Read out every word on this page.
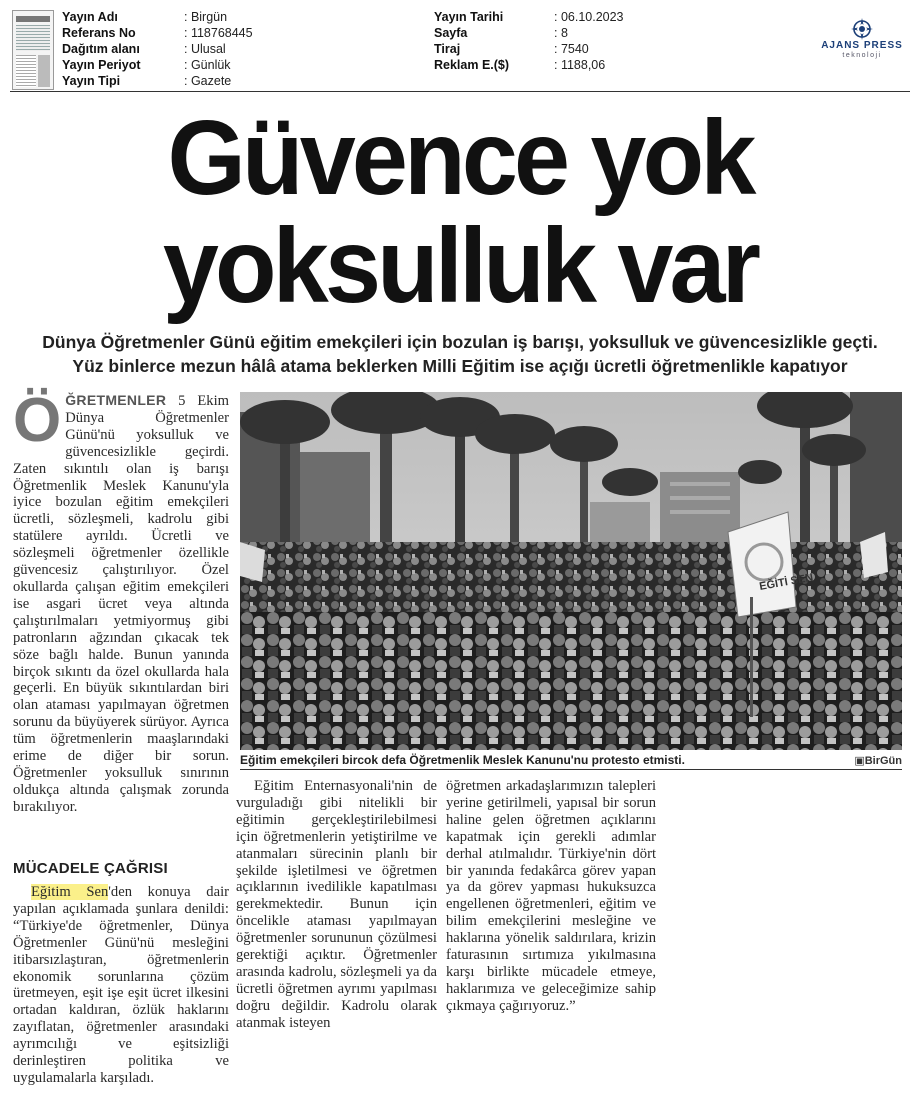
Yayın Adı	: Birgün
Referans No	: 118768445
Dağıtım alanı	: Ulusal
Yayın Periyot	: Günlük
Yayın Tipi	: Gazete
Yayın Tarihi	: 06.10.2023
Sayfa	: 8
Tiraj	: 7540
Reklam E.($)	: 1188,06
AJANS PRESS
teknoloji
Güvence yok
yoksulluk var
Dünya Öğretmenler Günü eğitim emekçileri için bozulan iş barışı, yoksulluk ve güvencesizlikle geçti.
Yüz binlerce mezun hâlâ atama beklerken Milli Eğitim ise açığı ücretli öğretmenlikle kapatıyor

ÖĞRETMENLER 5 Ekim Dünya Öğretmenler Günü'nü yoksulluk ve güvencesizlikle geçirdi. Zaten sıkıntılı olan iş barışı Öğretmenlik Meslek Kanunu'yla iyice bozulan eğitim emekçileri ücretli, sözleşmeli, kadrolu gibi statülere ayrıldı. Ücretli ve sözleşmeli öğretmenler özellikle güvencesiz çalıştırılıyor. Özel okullarda çalışan eğitim emekçileri ise asgari ücret veya altında çalıştırılmaları yetmiyormuş gibi patronların ağzından çıkacak tek söze bağlı halde. Bunun yanında birçok sıkıntı da özel okullarda hala geçerli. En büyük sıkıntılardan biri olan ataması yapılmayan öğretmen sorunu da büyüyerek sürüyor. Ayrıca tüm öğretmenlerin maaşlarındaki erime de diğer bir sorun. Öğretmenler yoksulluk sınırının oldukça altında çalışmak zorunda bırakılıyor.

MÜCADELE ÇAĞRISI

Eğitim Sen'den konuya dair yapılan açıklamada şunlara denildi: “Türkiye'de öğretmenler, Dünya Öğretmenler Günü'nü mesleğini itibarsızlaştıran, öğretmenlerin ekonomik sorunlarına çözüm üretmeyen, eşit işe eşit ücret ilkesini ortadan kaldıran, özlük haklarını zayıflatan, öğretmenler arasındaki ayrımcılığı ve eşitsizliği derinleştiren politika ve uygulamalarla karşıladı.

EĞİTİ SEN
Eğitim emekçileri bircok defa Öğretmenlik Meslek Kanunu'nu protesto etmisti.	▣BirGün

Eğitim Enternasyonali'nin de vurguladığı gibi nitelikli bir eğitimin gerçekleştirilebilmesi için öğretmenlerin yetiştirilme ve atanmaları sürecinin planlı bir şekilde işletilmesi ve öğretmen açıklarının ivedilikle kapatılması gerekmektedir. Bunun için öncelikle ataması yapılmayan öğretmenler sorununun çözülmesi gerektiği açıktır. Öğretmenler arasında kadrolu, sözleşmeli ya da ücretli öğretmen ayrımı yapılması doğru değildir. Kadrolu olarak atanmak isteyen

öğretmen arkadaşlarımızın talepleri yerine getirilmeli, yapısal bir sorun haline gelen öğretmen açıklarını kapatmak için gerekli adımlar derhal atılmalıdır. Türkiye'nin dört bir yanında fedakârca görev yapan ya da görev yapması hukuksuzca engellenen öğretmenleri, eğitim ve bilim emekçilerini mesleğine ve haklarına yönelik saldırılara, krizin faturasının sırtımıza yıkılmasına karşı birlikte mücadele etmeye, haklarımıza ve geleceğimize sahip çıkmaya çağırıyoruz.”
